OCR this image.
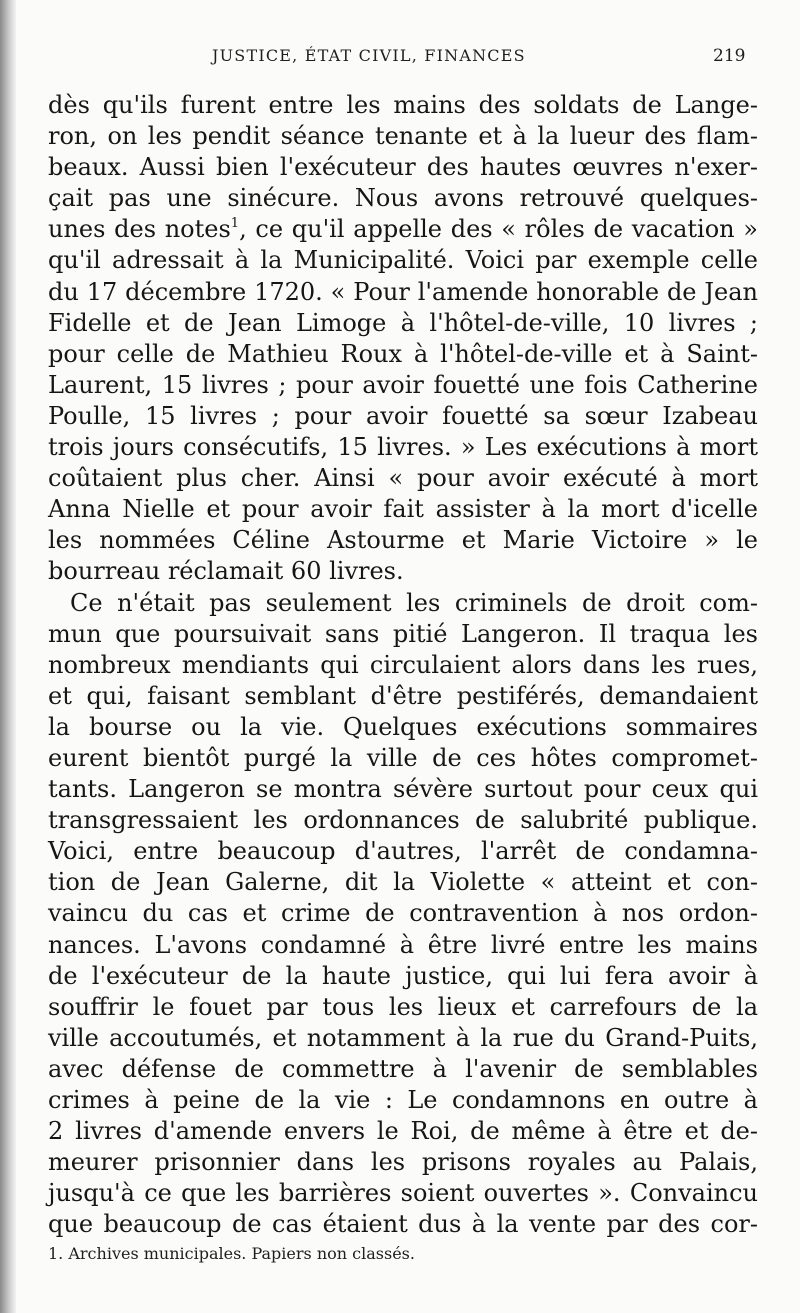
JUSTICE, ÉTAT CIVIL, FINANCES	219
dès qu'ils furent entre les mains des soldats de Lange-
ron, on les pendit séance tenante et à la lueur des flam-
beaux. Aussi bien l'exécuteur des hautes œuvres n'exer-
çait pas une sinécure. Nous avons retrouvé quelques-
unes des notes$^1$, ce qu'il appelle des « rôles de vacation »
qu'il adressait à la Municipalité. Voici par exemple celle
du 17 décembre 1720. « Pour l'amende honorable de Jean
Fidelle et de Jean Limoge à l'hôtel-de-ville, 10 livres ;
pour celle de Mathieu Roux à l'hôtel-de-ville et à Saint-
Laurent, 15 livres ; pour avoir fouetté une fois Catherine
Poulle, 15 livres ; pour avoir fouetté sa sœur Izabeau
trois jours consécutifs, 15 livres. » Les exécutions à mort
coûtaient plus cher. Ainsi « pour avoir exécuté à mort
Anna Nielle et pour avoir fait assister à la mort d'icelle
les nommées Céline Astourme et Marie Victoire » le
bourreau réclamait 60 livres.
Ce n'était pas seulement les criminels de droit com-
mun que poursuivait sans pitié Langeron. Il traqua les
nombreux mendiants qui circulaient alors dans les rues,
et qui, faisant semblant d'être pestiférés, demandaient
la bourse ou la vie. Quelques exécutions sommaires
eurent bientôt purgé la ville de ces hôtes compromet-
tants. Langeron se montra sévère surtout pour ceux qui
transgressaient les ordonnances de salubrité publique.
Voici, entre beaucoup d'autres, l'arrêt de condamna-
tion de Jean Galerne, dit la Violette « atteint et con-
vaincu du cas et crime de contravention à nos ordon-
nances. L'avons condamné à être livré entre les mains
de l'exécuteur de la haute justice, qui lui fera avoir à
souffrir le fouet par tous les lieux et carrefours de la
ville accoutumés, et notamment à la rue du Grand-Puits,
avec défense de commettre à l'avenir de semblables
crimes à peine de la vie : Le condamnons en outre à
2 livres d'amende envers le Roi, de même à être et de-
meurer prisonnier dans les prisons royales au Palais,
jusqu'à ce que les barrières soient ouvertes ». Convaincu
que beaucoup de cas étaient dus à la vente par des cor-
1. Archives municipales. Papiers non classés.
